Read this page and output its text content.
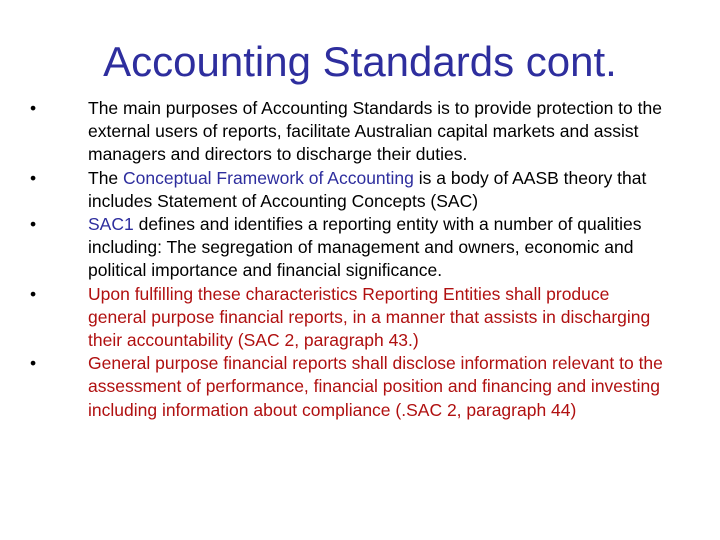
Accounting Standards cont.
•
The main purposes of Accounting Standards is to provide protection to the external users of reports, facilitate Australian capital markets and assist managers and directors to discharge their duties.
•
The Conceptual Framework of Accounting is a body of AASB theory that includes Statement of Accounting Concepts (SAC)
•
SAC1 defines and identifies a reporting entity with a number of qualities including: The segregation of management and owners, economic and political importance and financial significance.
•
Upon fulfilling these characteristics Reporting Entities shall produce general purpose financial reports, in a manner that assists in discharging their accountability (SAC 2, paragraph 43.)
•
General purpose financial reports shall disclose information relevant to the assessment of performance, financial position and financing and investing including information about compliance (.SAC 2, paragraph 44)
